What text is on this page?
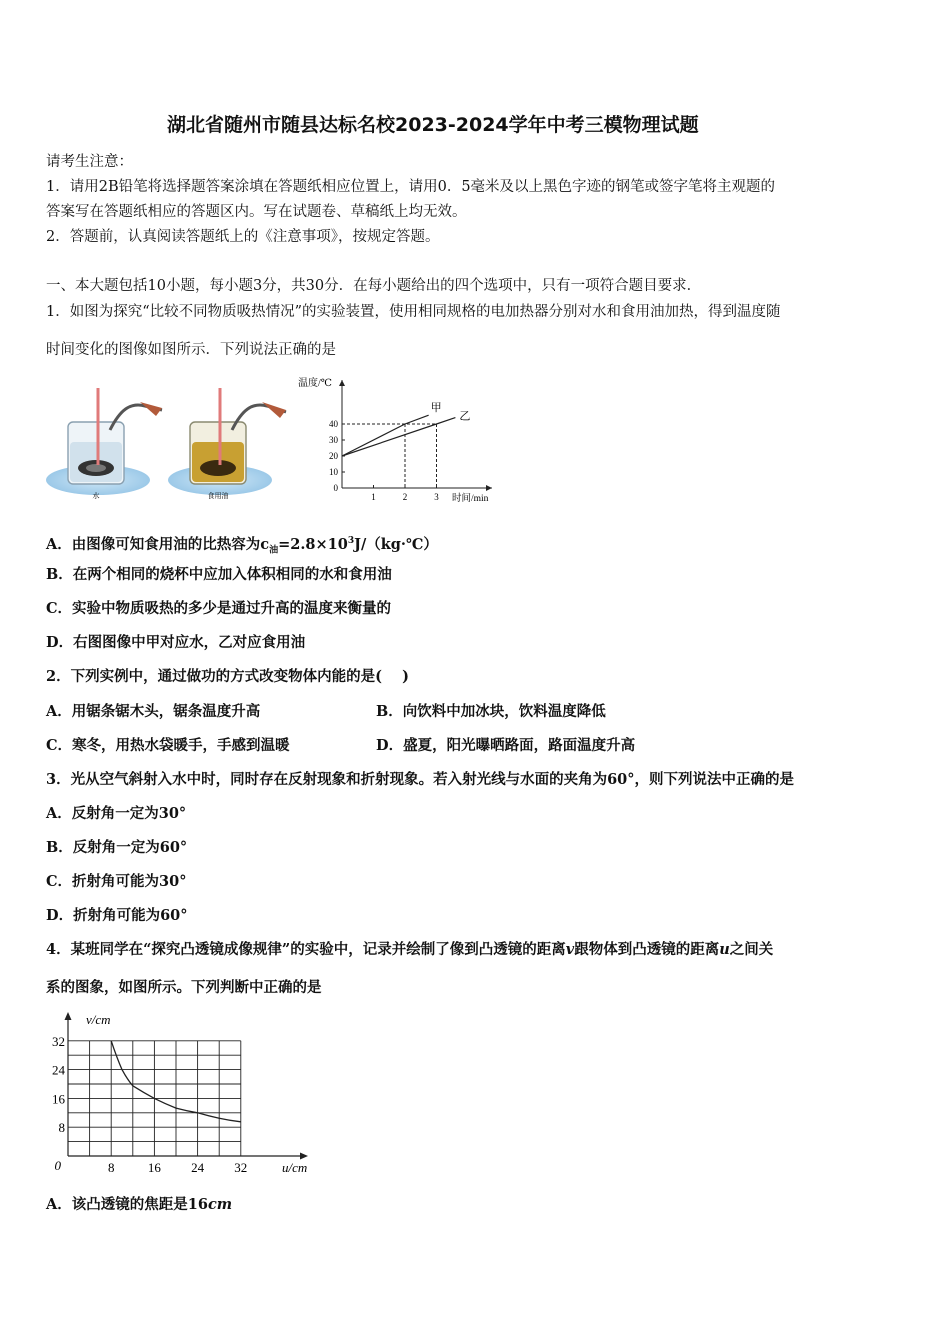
湖北省随州市随县达标名校2023-2024学年中考三模物理试题
请考生注意：
1．请用2B铅笔将选择题答案涂填在答题纸相应位置上，请用0．5毫米及以上黑色字迹的钢笔或签字笔将主观题的
答案写在答题纸相应的答题区内。写在试题卷、草稿纸上均无效。
2．答题前，认真阅读答题纸上的《注意事项》，按规定答题。
一、本大题包括10小题，每小题3分，共30分．在每小题给出的四个选项中，只有一项符合题目要求．
1．如图为探究“比较不同物质吸热情况”的实验装置，使用相同规格的电加热器分别对水和食用油加热，得到温度随
时间变化的图像如图所示．下列说法正确的是
水	食用油
温度/℃
时间/min
0
10
20
30
40
1	2	3
甲
乙
A．由图像可知食用油的比热容为$c_油=2.8\times 10^3J/(kg\cdot℃)$
B．在两个相同的烧杯中应加入体积相同的水和食用油
C．实验中物质吸热的多少是通过升高的温度来衡量的
D．右图图像中甲对应水，乙对应食用油
2．下列实例中，通过做功的方式改变物体内能的是(    )
A．用锯条锯木头，锯条温度升高	B．向饮料中加冰块，饮料温度降低
C．寒冬，用热水袋暖手，手感到温暖	D．盛夏，阳光曝晒路面，路面温度升高
3．光从空气斜射入水中时，同时存在反射现象和折射现象。若入射光线与水面的夹角为60°，则下列说法中正确的是
A．反射角一定为30°
B．反射角一定为60°
C．折射角可能为30°
D．折射角可能为60°
4．某班同学在“探究凸透镜成像规律”的实验中，记录并绘制了像到凸透镜的距离v跟物体到凸透镜的距离u之间关
系的图象，如图所示。下列判断中正确的是
v/cm
u/cm
0	8	16 24 32
8
16
24
32
A．该凸透镜的焦距是16cm
